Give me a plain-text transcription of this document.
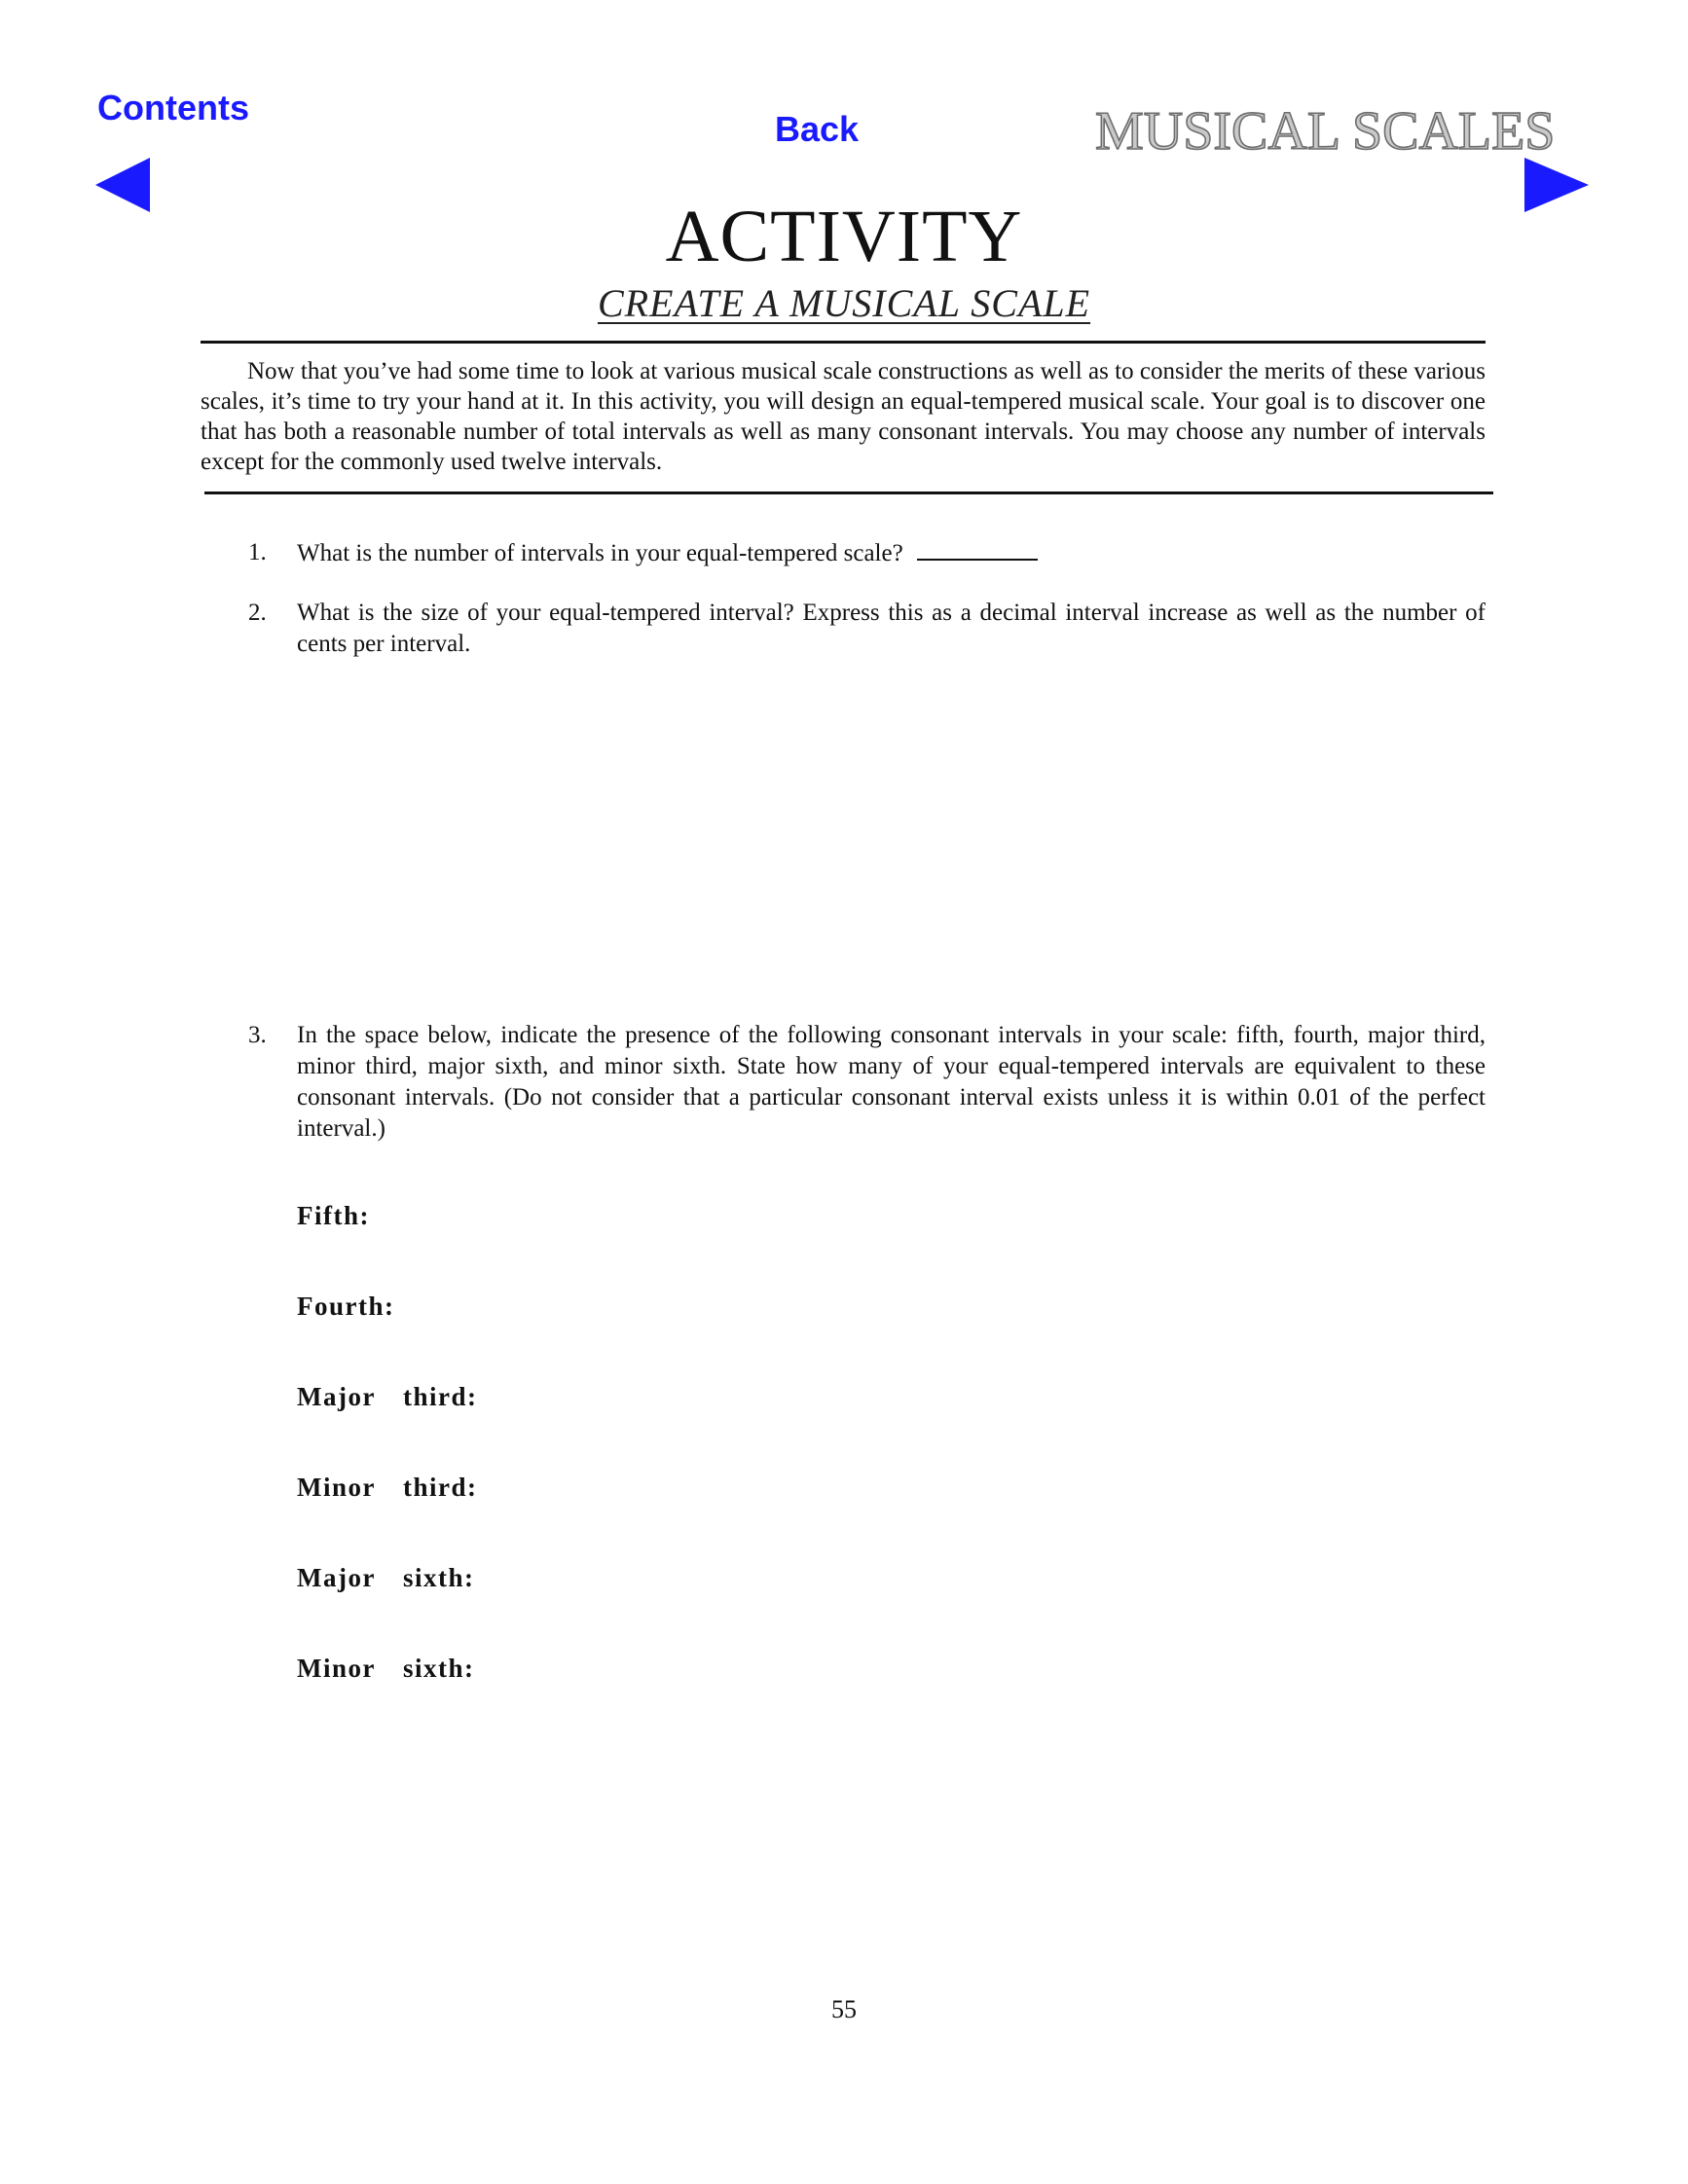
Contents
Back	MUSICAL SCALES
ACTIVITY
CREATE A MUSICAL SCALE

Now that you’ve had some time to look at various musical scale constructions as well as to consider the merits of these various scales, it’s time to try your hand at it. In this activity, you will design an equal-tempered musical scale. Your goal is to discover one that has both a reasonable number of total intervals as well as many consonant intervals. You may choose any number of intervals except for the commonly used twelve intervals.

1.	What is the number of intervals in your equal-tempered scale?
2.	What is the size of your equal-tempered interval? Express this as a decimal interval increase as well as the number of cents per interval.
3.	In the space below, indicate the presence of the following consonant intervals in your scale: fifth, fourth, major third, minor third, major sixth, and minor sixth. State how many of your equal-tempered intervals are equivalent to these consonant intervals. (Do not consider that a particular consonant interval exists unless it is within 0.01 of the perfect interval.)
Fifth:
Fourth:
Major  third:
Minor  third:
Major  sixth:
Minor  sixth:
55
